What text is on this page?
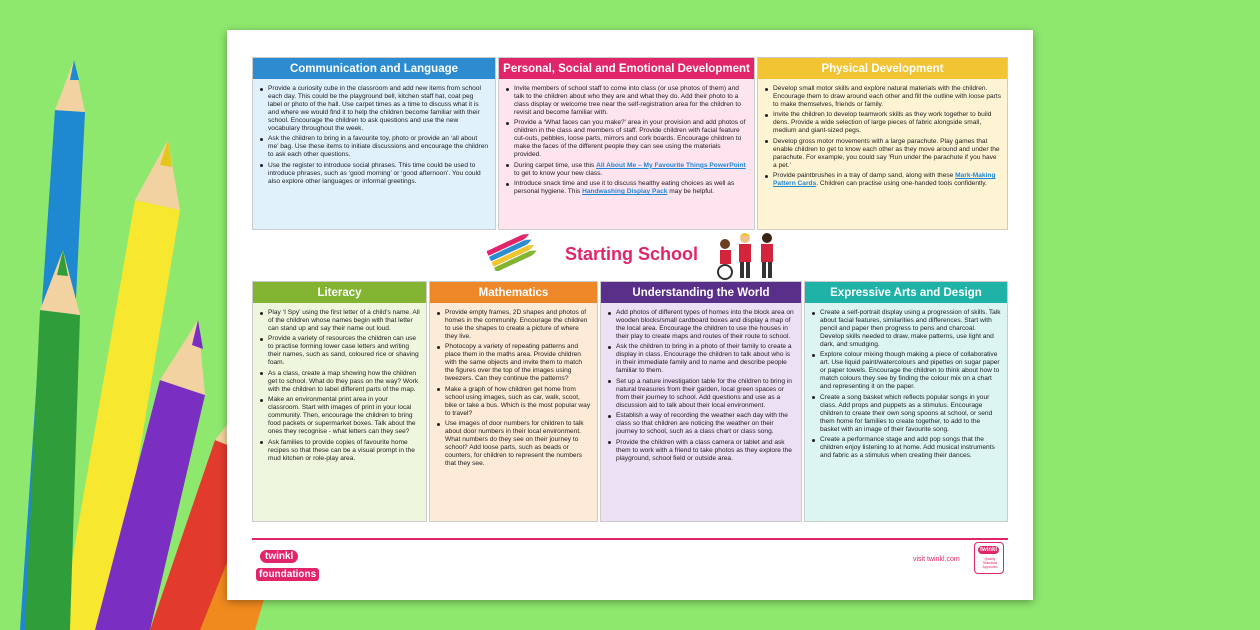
Communication and Language
Provide a curiosity cube in the classroom and add new items from school each day. This could be the playground bell, kitchen staff hat, coat peg label or photo of the hall. Use carpet times as a time to discuss what it is and where we would find it to help the children become familiar with their school. Encourage the children to ask questions and use the new vocabulary throughout the week.
Ask the children to bring in a favourite toy, photo or provide an ‘all about me’ bag. Use these items to initiate discussions and encourage the children to ask each other questions.
Use the register to introduce social phrases. This time could be used to introduce phrases, such as ‘good morning’ or ‘good afternoon’. You could also explore other languages or informal greetings.
Personal, Social and Emotional Development
Invite members of school staff to come into class (or use photos of them) and talk to the children about who they are and what they do. Add their photo to a class display or welcome tree near the self-registration area for the children to revisit and become familiar with.
Provide a ‘What faces can you make?’ area in your provision and add photos of children in the class and members of staff. Provide children with facial feature cut-outs, pebbles, loose parts, mirrors and cork boards. Encourage children to make the faces of the different people they can see using the materials provided.
During carpet time, use this All About Me – My Favourite Things PowerPoint to get to know your new class.
Introduce snack time and use it to discuss healthy eating choices as well as personal hygiene. This Handwashing Display Pack may be helpful.
Physical Development
Develop small motor skills and explore natural materials with the children. Encourage them to draw around each other and fill the outline with loose parts to make themselves, friends or family.
Invite the children to develop teamwork skills as they work together to build dens. Provide a wide selection of large pieces of fabric alongside small, medium and giant-sized pegs.
Develop gross motor movements with a large parachute. Play games that enable children to get to know each other as they move around and under the parachute. For example, you could say ‘Run under the parachute if you have a pet.’
Provide paintbrushes in a tray of damp sand, along with these Mark-Making Pattern Cards. Children can practise using one-handed tools confidently.
Starting School
Literacy
Play ‘I Spy’ using the first letter of a child’s name. All of the children whose names begin with that letter can stand up and say their name out loud.
Provide a variety of resources the children can use to practise forming lower case letters and writing their names, such as sand, coloured rice or shaving foam.
As a class, create a map showing how the children get to school. What do they pass on the way? Work with the children to label different parts of the map.
Make an environmental print area in your classroom. Start with images of print in your local community. Then, encourage the children to bring food packets or supermarket boxes. Talk about the ones they recognise - what letters can they see?
Ask families to provide copies of favourite home recipes so that these can be a visual prompt in the mud kitchen or role-play area.
Mathematics
Provide empty frames, 2D shapes and photos of homes in the community. Encourage the children to use the shapes to create a picture of where they live.
Photocopy a variety of repeating patterns and place them in the maths area. Provide children with the same objects and invite them to match the figures over the top of the images using tweezers. Can they continue the patterns?
Make a graph of how children get home from school using images, such as car, walk, scoot, bike or take a bus. Which is the most popular way to travel?
Use images of door numbers for children to talk about door numbers in their local environment. What numbers do they see on their journey to school? Add loose parts, such as beads or counters, for children to represent the numbers that they see.
Understanding the World
Add photos of different types of homes into the block area on wooden blocks/small cardboard boxes and display a map of the local area. Encourage the children to use the houses in their play to create maps and routes of their route to school.
Ask the children to bring in a photo of their family to create a display in class. Encourage the children to talk about who is in their immediate family and to name and describe people familiar to them.
Set up a nature investigation table for the children to bring in natural treasures from their garden, local green spaces or from their journey to school. Add questions and use as a discussion aid to talk about their local environment.
Establish a way of recording the weather each day with the class so that children are noticing the weather on their journey to school, such as a class chart or class song.
Provide the children with a class camera or tablet and ask them to work with a friend to take photos as they explore the playground, school field or outside area.
Expressive Arts and Design
Create a self-portrait display using a progression of skills. Talk about facial features, similarities and differences. Start with pencil and paper then progress to pens and charcoal. Develop skills needed to draw, make patterns, use light and dark, and smudging.
Explore colour mixing though making a piece of collaborative art. Use liquid paint/watercolours and pipettes on sugar paper or paper towels. Encourage the children to think about how to match colours they see by finding the colour mix on a chart and representing it on the paper.
Create a song basket which reflects popular songs in your class. Add props and puppets as a stimulus. Encourage children to create their own song spoons at school, or send them home for families to create together, to add to the basket with an image of their favourite song.
Create a performance stage and add pop songs that the children enjoy listening to at home. Add musical instruments and fabric as a stimulus when creating their dances.
twinkl
foundations
visit twinkl.com
twinkl
Quality Standard Approved
